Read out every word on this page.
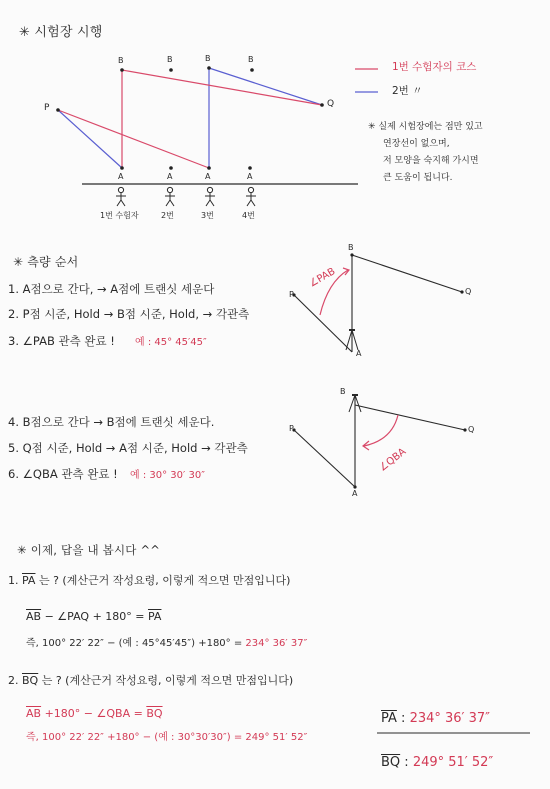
✳ 시험장 시행
B	B	B	B
P	Q
A	A	A	A
1번 수험자의 코스
2번 〃
✳ 실제 시험장에는 점만 있고
연장선이 없으며,
저 모양을 숙지해 가시면
큰 도움이 됩니다.
1번 수험자	2번	3번	4번
✳ 측량 순서
1. A점으로 간다, → A점에 트랜싯 세운다
2. P점 시준, Hold → B점 시준, Hold, → 각관측
3. ∠PAB 관측 완료 ! 예 : 45° 45′45″
4. B점으로 간다 → B점에 트랜싯 세운다.
5. Q점 시준, Hold → A점 시준, Hold → 각관측
6. ∠QBA 관측 완료 ! 예 : 30° 30′ 30″
B
P	Q
A
∠PAB
B
P	Q
A
∠QBA
✳ 이제, 답을 내 봅시다 ^^
1. $\overline{PA}$ 는 ? (계산근거 작성요령, 이렇게 적으면 만점입니다)
$\overline{AB}$ − ∠PAQ + $180^\circ = \overline{PA}$
즉, 100° 22′ 22″ − (예 : 45°45′45″) +180° = 234° 36′ 37″
2. $\overline{BQ}$ 는 ? (계산근거 작성요령, 이렇게 적으면 만점입니다)
$\overline{AB} +180^\circ$ − ∠QBA = $\overline{BQ}$
즉, 100° 22′ 22″ +180° − (예 : 30°30′30″) = 249° 51′ 52″
$\overline{PA}$ : 234° 36′ 37″
$\overline{BQ}$ : 249° 51′ 52″
